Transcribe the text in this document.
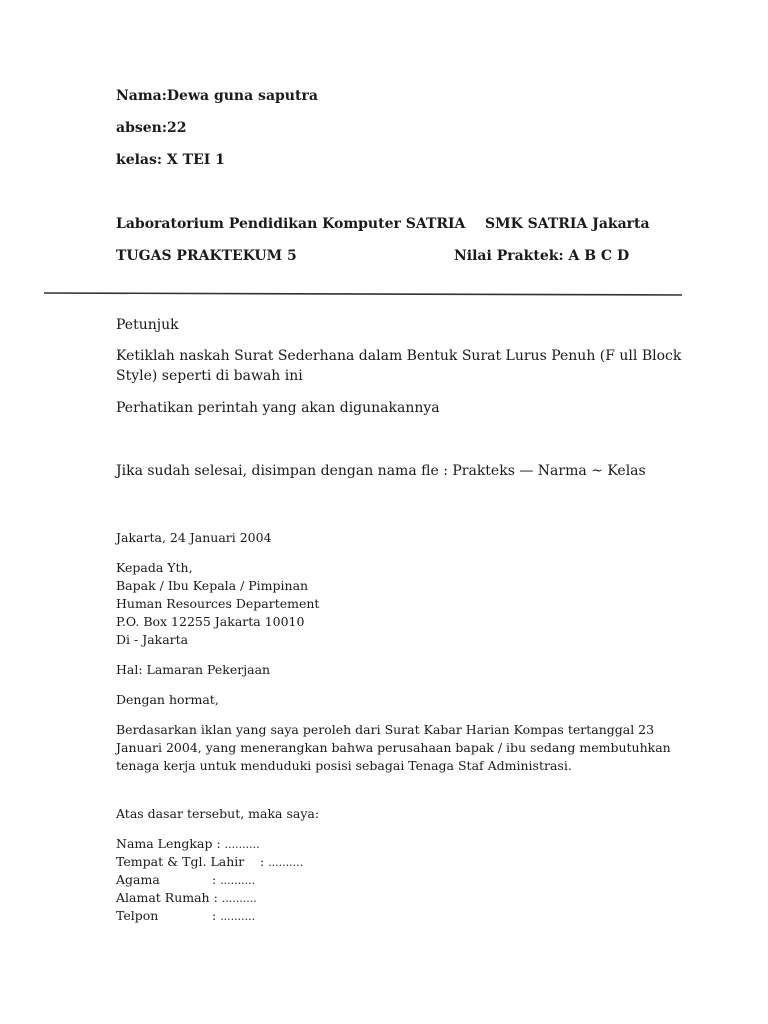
Nama:Dewa guna saputra
absen:22
kelas: X TEI 1
Laboratorium Pendidikan Komputer SATRIA SMK SATRIA Jakarta
TUGAS PRAKTEKUM 5	Nilai Praktek: A B C D
Petunjuk
Ketiklah naskah Surat Sederhana dalam Bentuk Surat Lurus Penuh (F ull Block
Style) seperti di bawah ini
Perhatikan perintah yang akan digunakannya
Jika sudah selesai, disimpan dengan nama fle : Prakteks — Narma ~ Kelas
Jakarta, 24 Januari 2004
Kepada Yth,
Bapak / Ibu Kepala / Pimpinan
Human Resources Departement
P.O. Box 12255 Jakarta 10010
Di - Jakarta
Hal: Lamaran Pekerjaan
Dengan hormat,
Berdasarkan iklan yang saya peroleh dari Surat Kabar Harian Kompas tertanggal 23
Januari 2004, yang menerangkan bahwa perusahaan bapak / ibu sedang membutuhkan
tenaga kerja untuk menduduki posisi sebagai Tenaga Staf Administrasi.
Atas dasar tersebut, maka saya:
Nama Lengkap : ..........
Tempat & Tgl. Lahir : ..........
Agama	: ..........
Alamat Rumah : ..........
Telpon	: ..........
